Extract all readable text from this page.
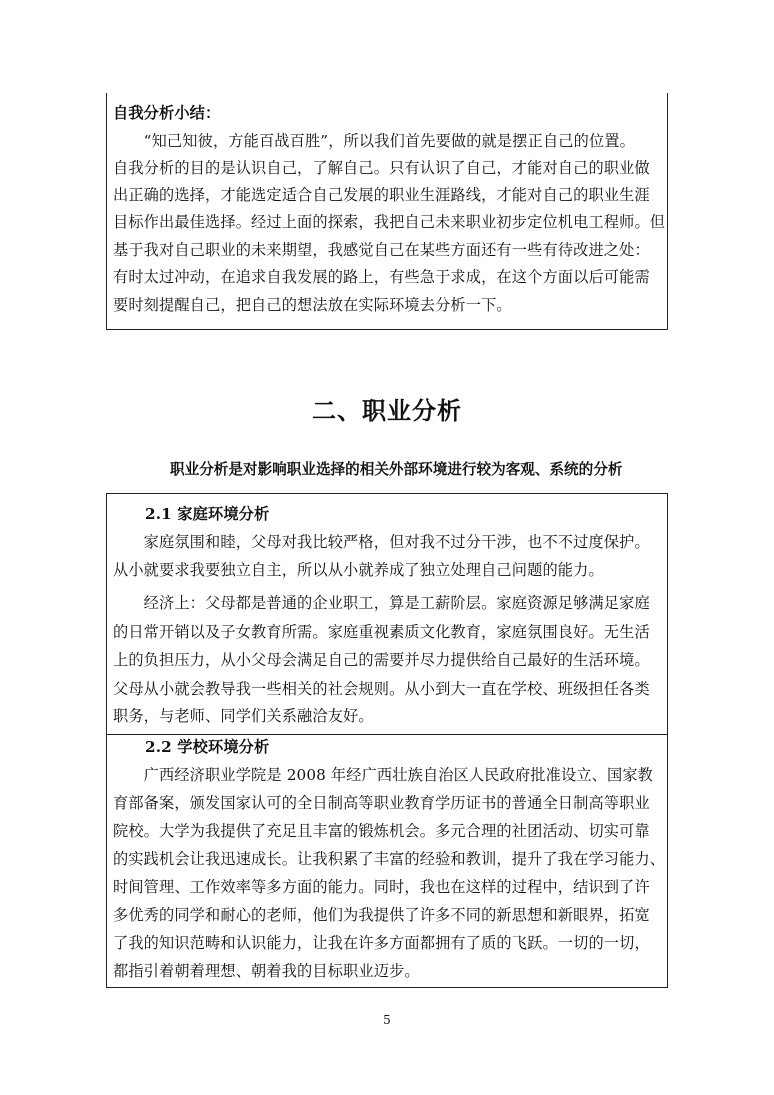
自我分析小结：
　　“知己知彼，方能百战百胜”，所以我们首先要做的就是摆正自己的位置。
自我分析的目的是认识自己，了解自己。只有认识了自己，才能对自己的职业做
出正确的选择，才能选定适合自己发展的职业生涯路线，才能对自己的职业生涯
目标作出最佳选择。经过上面的探索，我把自己未来职业初步定位机电工程师。但
基于我对自己职业的未来期望，我感觉自己在某些方面还有一些有待改进之处：
有时太过冲动，在追求自我发展的路上，有些急于求成，在这个方面以后可能需
要时刻提醒自己，把自己的想法放在实际环境去分析一下。
二、职业分析
职业分析是对影响职业选择的相关外部环境进行较为客观、系统的分析
2.1 家庭环境分析
　　家庭氛围和睦，父母对我比较严格，但对我不过分干涉，也不不过度保护。
从小就要求我要独立自主，所以从小就养成了独立处理自己问题的能力。
　　经济上：父母都是普通的企业职工，算是工薪阶层。家庭资源足够满足家庭
的日常开销以及子女教育所需。家庭重视素质文化教育，家庭氛围良好。无生活
上的负担压力，从小父母会满足自己的需要并尽力提供给自己最好的生活环境。
父母从小就会教导我一些相关的社会规则。从小到大一直在学校、班级担任各类
职务，与老师、同学们关系融洽友好。
2.2 学校环境分析
　　广西经济职业学院是 2008 年经广西壮族自治区人民政府批准设立、国家教
育部备案，颁发国家认可的全日制高等职业教育学历证书的普通全日制高等职业
院校。大学为我提供了充足且丰富的锻炼机会。多元合理的社团活动、切实可靠
的实践机会让我迅速成长。让我积累了丰富的经验和教训，提升了我在学习能力、
时间管理、工作效率等多方面的能力。同时，我也在这样的过程中，结识到了许
多优秀的同学和耐心的老师，他们为我提供了许多不同的新思想和新眼界，拓宽
了我的知识范畴和认识能力，让我在许多方面都拥有了质的飞跃。一切的一切，
都指引着朝着理想、朝着我的目标职业迈步。
5
